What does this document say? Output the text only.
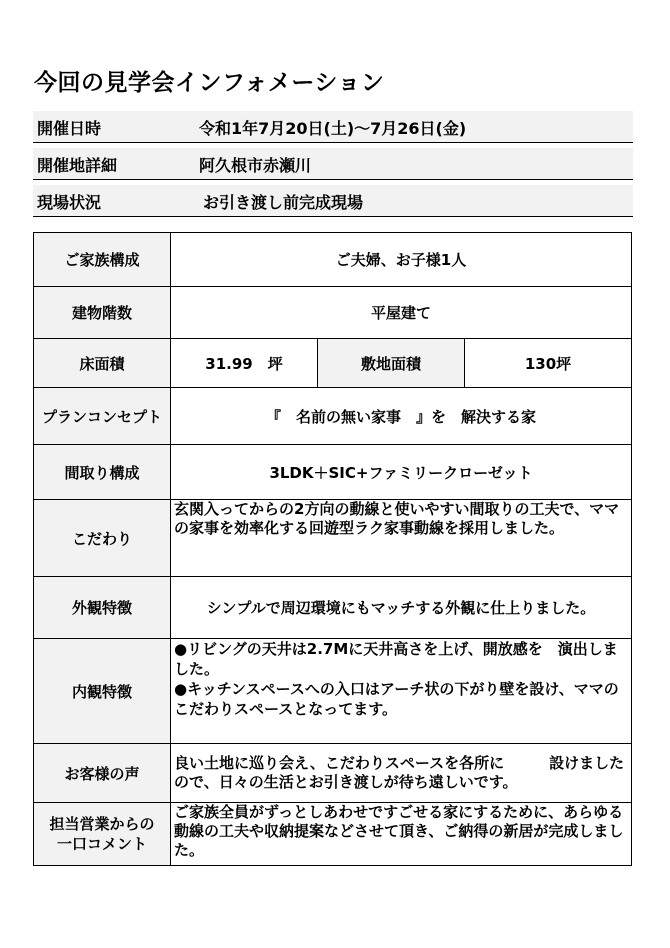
今回の見学会インフォメーション
開催日時	令和1年7月20日(土)～7月26日(金)
開催地詳細	阿久根市赤瀬川
現場状況	お引き渡し前完成現場
ご家族構成	ご夫婦、お子様1人		
建物階数	平屋建て		
床面積	31.99　坪	敷地面積	130坪
プランコンセプト	『　名前の無い家事　』を　解決する家		
間取り構成	3LDK＋SIC+ファミリークローゼット		
こだわり	玄関入ってからの2方向の動線と使いやすい間取りの工夫で、ママの家事を効率化する回遊型ラク家事動線を採用しました。		
外観特徴	シンプルで周辺環境にもマッチする外観に仕上りました。		
内観特徴	●リビングの天井は2.7Mに天井高さを上げ、開放感を　演出しました。
●キッチンスペースへの入口はアーチ状の下がり壁を設け、ママのこだわりスペースとなってます。		

お客様の声	良い土地に巡り会え、こだわりスペースを各所に　　　設けましたので、日々の生活とお引き渡しが待ち遠しいです。		

担当営業からの
一口コメント	ご家族全員がずっとしあわせですごせる家にするために、あらゆる動線の工夫や収納提案などさせて頂き、ご納得の新居が完成しました。		
